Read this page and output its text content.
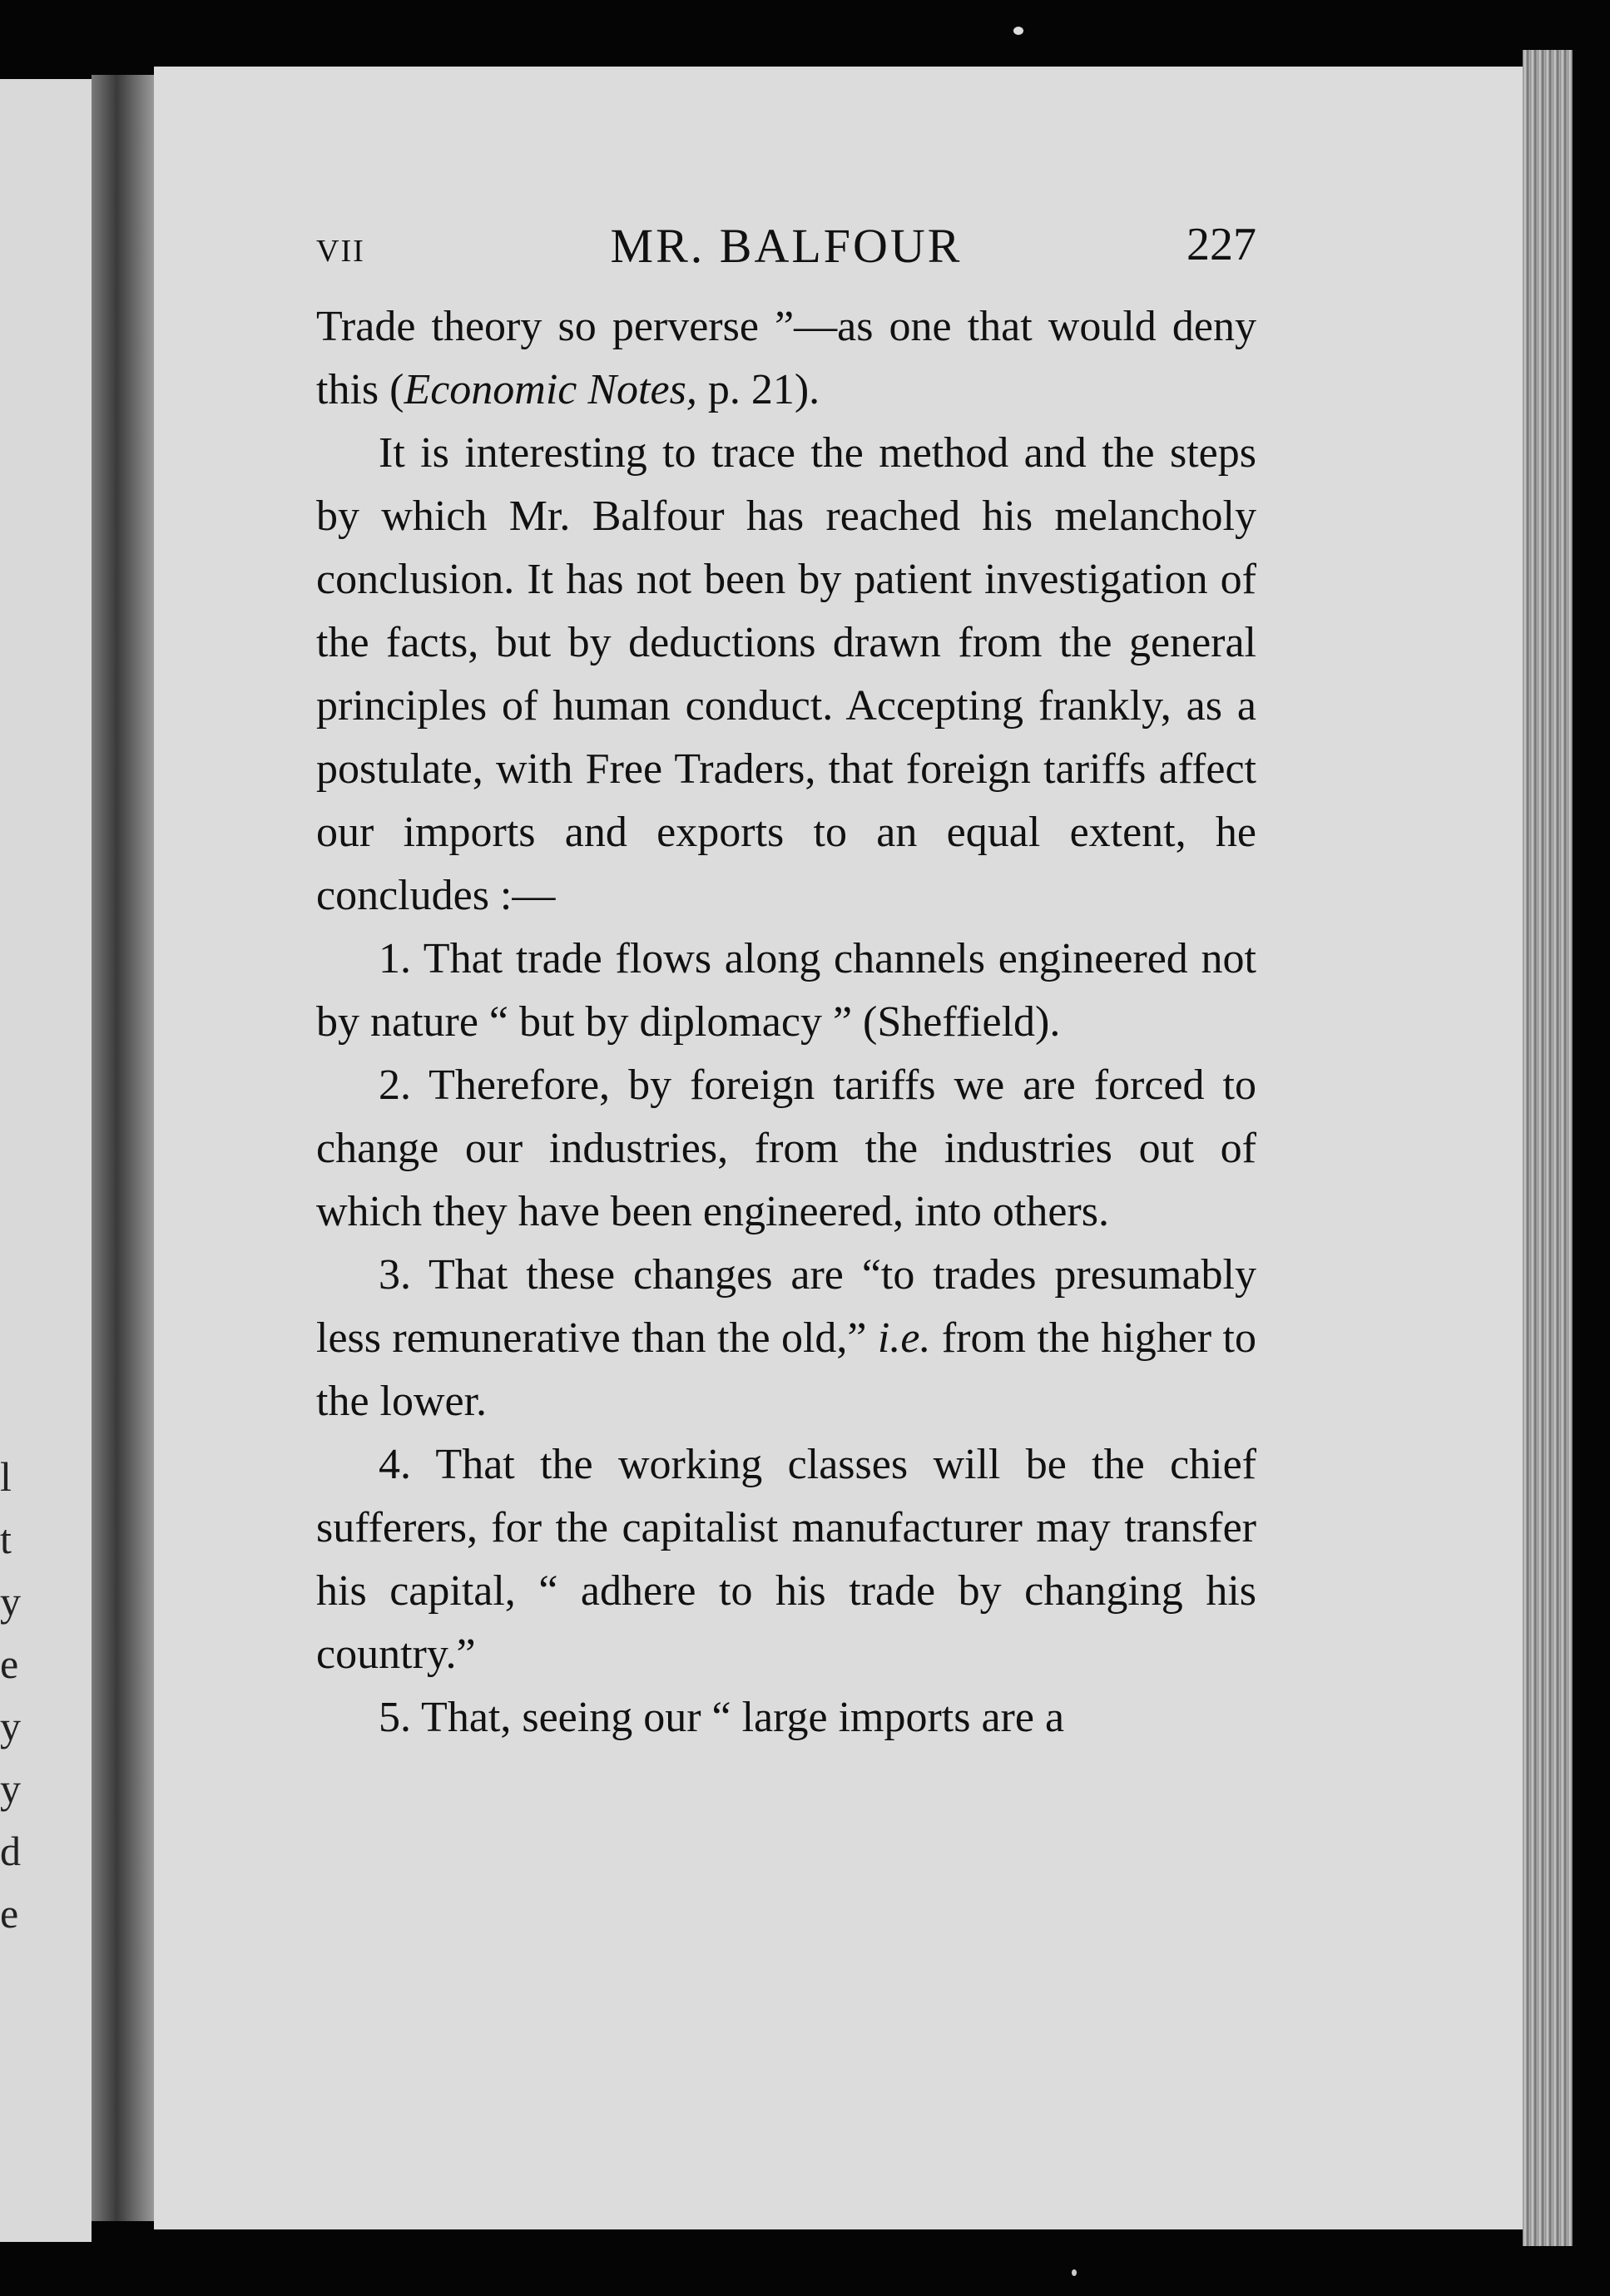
l
t
y
e
y
y
d
e
VII	MR. BALFOUR	227

Trade theory so perverse ”—as one that would deny this (Economic Notes, p. 21).

It is interesting to trace the method and the steps by which Mr. Balfour has reached his melancholy conclusion. It has not been by patient investigation of the facts, but by deductions drawn from the general principles of human conduct. Accepting frankly, as a postulate, with Free Traders, that foreign tariffs affect our imports and exports to an equal extent, he concludes :—

1. That trade flows along channels engineered not by nature “ but by diplomacy ” (Sheffield).

2. Therefore, by foreign tariffs we are forced to change our industries, from the industries out of which they have been engineered, into others.

3. That these changes are “to trades presumably less remunerative than the old,” i.e. from the higher to the lower.

4. That the working classes will be the chief sufferers, for the capitalist manufacturer may transfer his capital, “ adhere to his trade by changing his country.”

5. That, seeing our “ large imports are a
